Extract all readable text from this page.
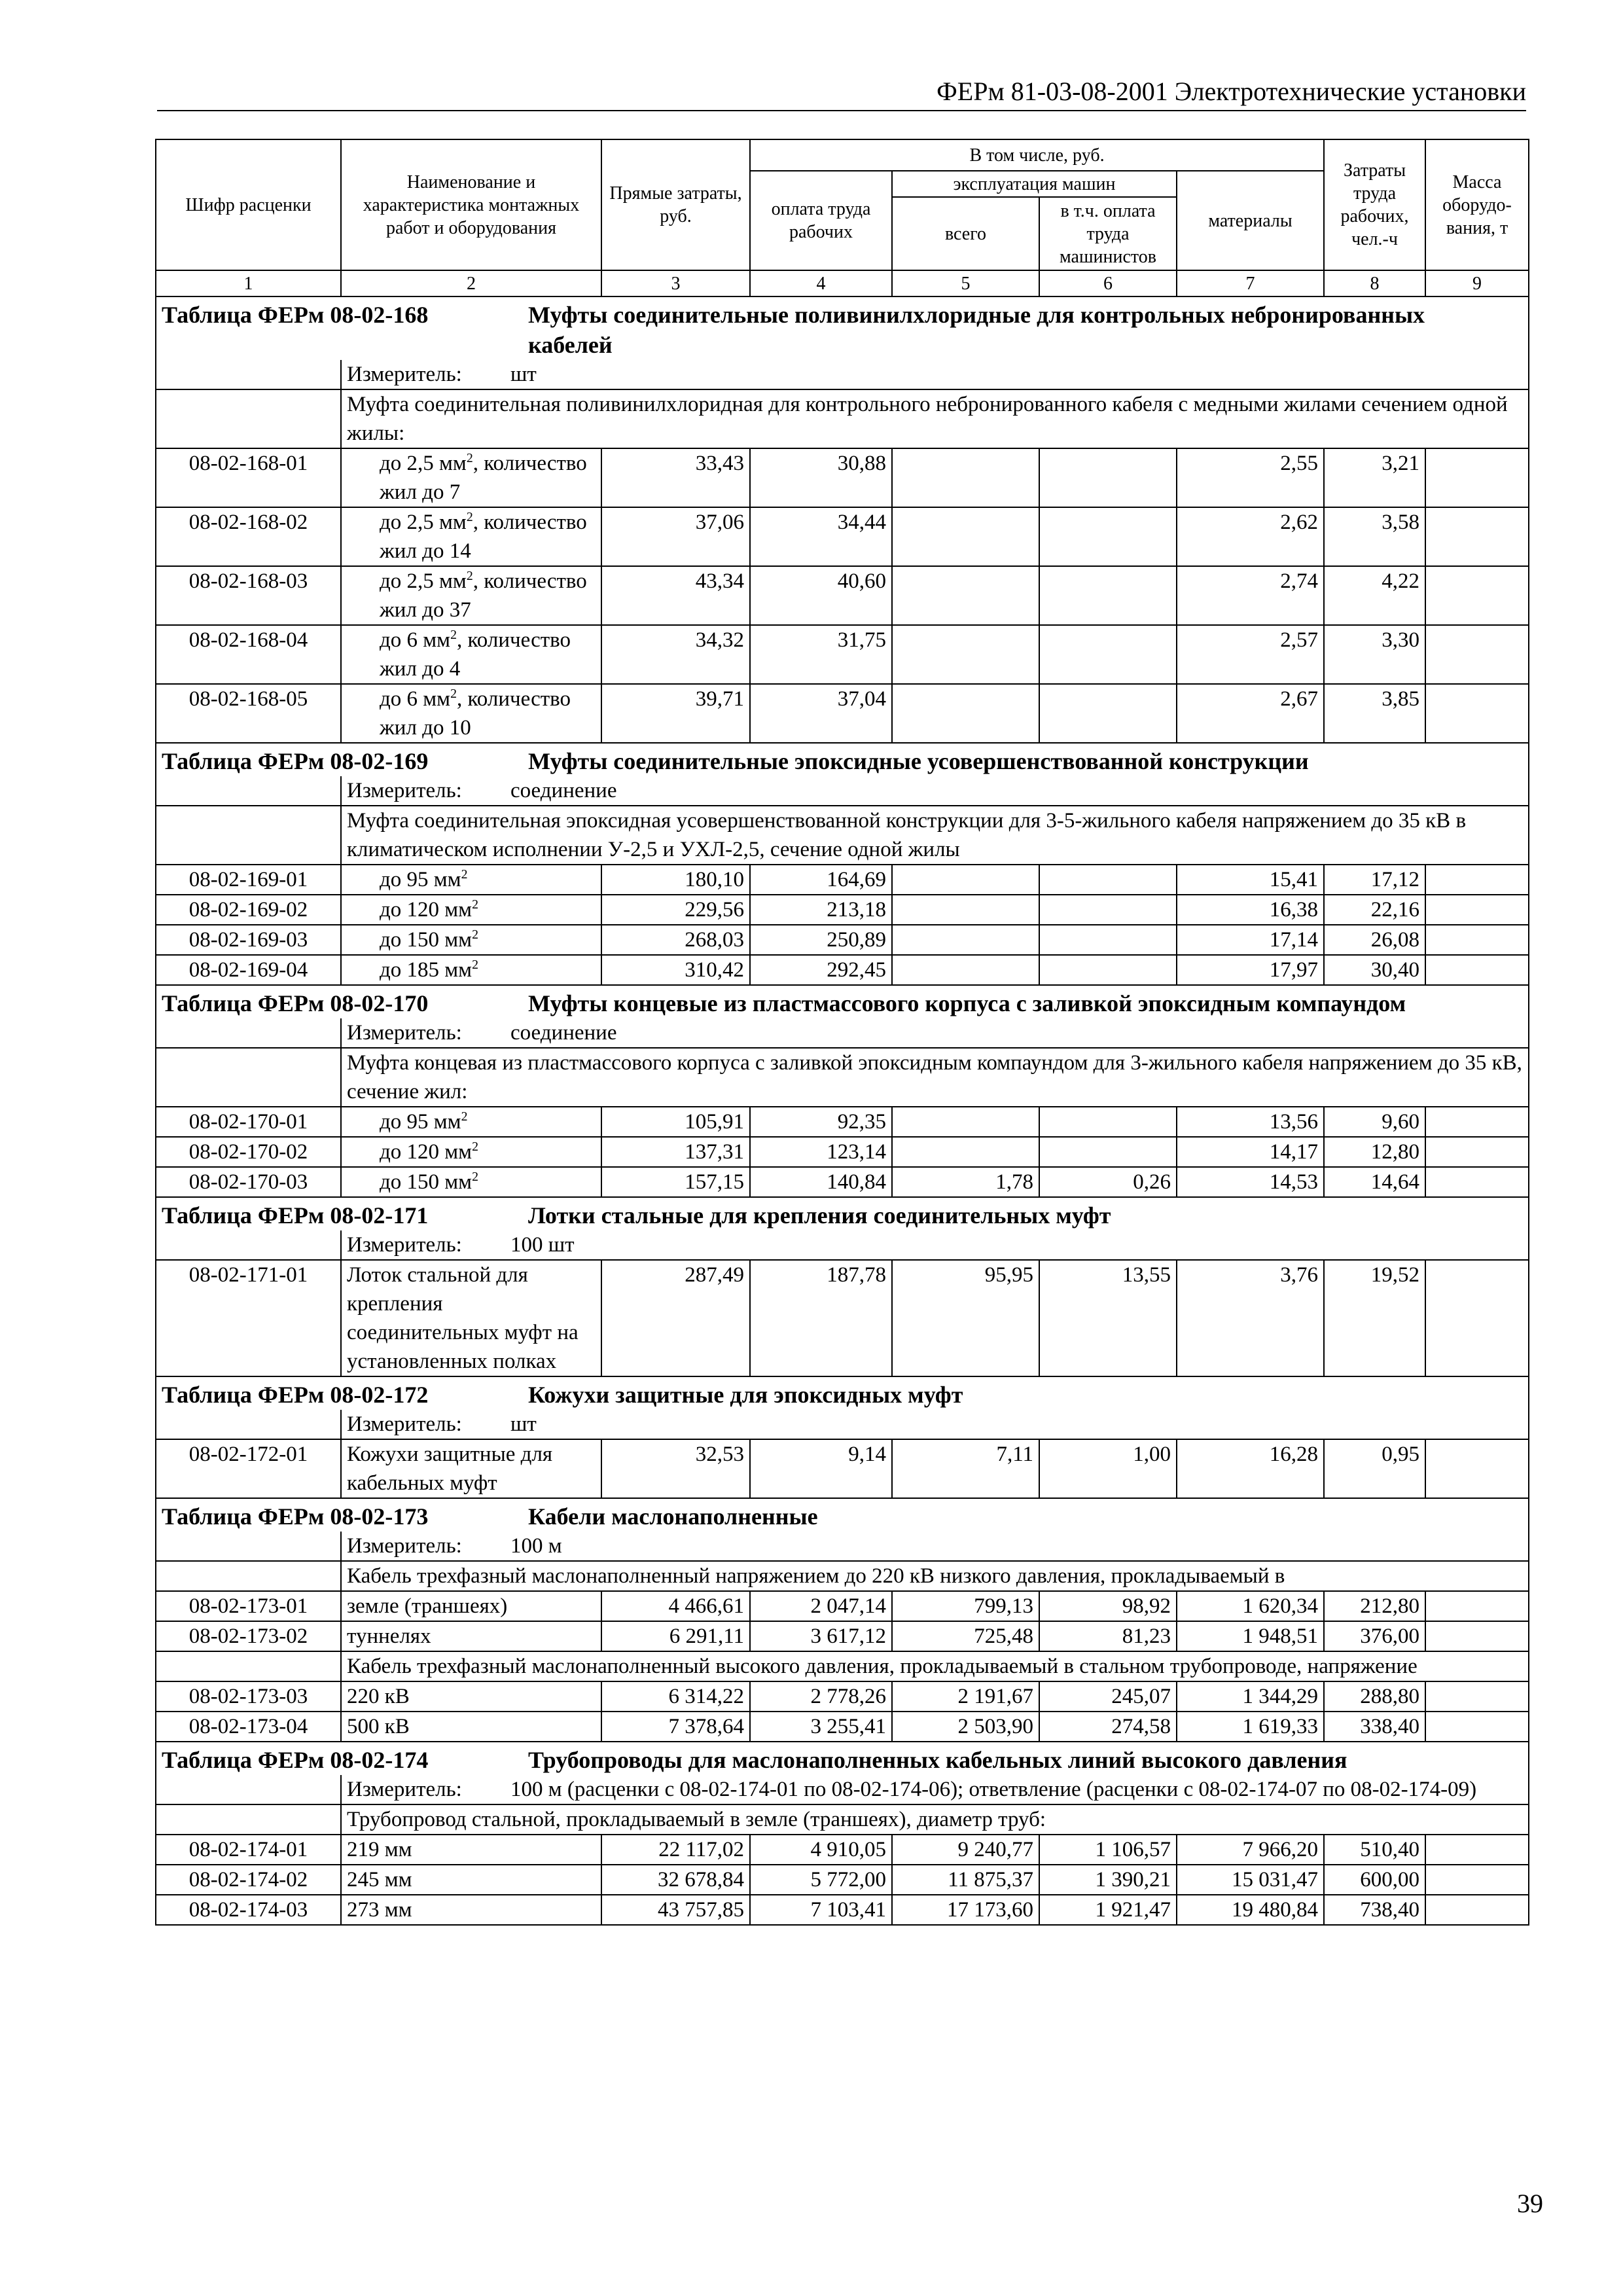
ФЕРм 81-03-08-2001 Электротехнические установки
Шифр расценки	Наименование и характеристика монтажных работ и оборудования	Прямые затраты, руб.	В том числе, руб.				Затраты труда рабочих, чел.-ч	Масса оборудо-вания, т
			оплата труда рабочих	эксплуатация машин		материалы		
				всего	в т.ч. оплата труда машинистов			
1	2	3	4	5	6	7	8	9
Таблица ФЕРм 08-02-168 Муфты соединительные поливинилхлоридные для контрольных небронированных кабелей								
	Измеритель: шт							
	Муфта соединительная поливинилхлоридная для контрольного небронированного кабеля с медными жилами сечением одной жилы:							
08-02-168-01	до 2,5 $мм^2$, количество жил до 7	33,43	30,88			2,55	3,21	
08-02-168-02	до 2,5 $мм^2$, количество жил до 14	37,06	34,44			2,62	3,58	
08-02-168-03	до 2,5 $мм^2$, количество жил до 37	43,34	40,60			2,74	4,22	
08-02-168-04	до 6 $мм^2$, количество жил до 4	34,32	31,75			2,57	3,30	
08-02-168-05	до 6 $мм^2$, количество жил до 10	39,71	37,04			2,67	3,85	
Таблица ФЕРм 08-02-169 Муфты соединительные эпоксидные усовершенствованной конструкции								
	Измеритель: соединение							
	Муфта соединительная эпоксидная усовершенствованной конструкции для 3-5-жильного кабеля напряжением до 35 кВ в климатическом исполнении У-2,5 и УХЛ-2,5, сечение одной жилы							
08-02-169-01	до 95 $мм^2$	180,10	164,69			15,41	17,12	
08-02-169-02	до 120 $мм^2$	229,56	213,18			16,38	22,16	
08-02-169-03	до 150 $мм^2$	268,03	250,89			17,14	26,08	
08-02-169-04	до 185 $мм^2$	310,42	292,45			17,97	30,40	
Таблица ФЕРм 08-02-170 Муфты концевые из пластмассового корпуса с заливкой эпоксидным компаундом								
	Измеритель: соединение							
	Муфта концевая из пластмассового корпуса с заливкой эпоксидным компаундом для 3-жильного кабеля напряжением до 35 кВ, сечение жил:							
08-02-170-01	до 95 $мм^2$	105,91	92,35			13,56	9,60	
08-02-170-02	до 120 $мм^2$	137,31	123,14			14,17	12,80	
08-02-170-03	до 150 $мм^2$	157,15	140,84	1,78	0,26	14,53	14,64	
Таблица ФЕРм 08-02-171 Лотки стальные для крепления соединительных муфт								
	Измеритель: 100 шт							
08-02-171-01	Лоток стальной для крепления соединительных муфт на установленных полках	287,49	187,78	95,95	13,55	3,76	19,52	
Таблица ФЕРм 08-02-172 Кожухи защитные для эпоксидных муфт								
	Измеритель: шт							
08-02-172-01	Кожухи защитные для кабельных муфт	32,53	9,14	7,11	1,00	16,28	0,95	
Таблица ФЕРм 08-02-173 Кабели маслонаполненные								
	Измеритель: 100 м							
	Кабель трехфазный маслонаполненный напряжением до 220 кВ низкого давления, прокладываемый в							
08-02-173-01	земле (траншеях)	4 466,61	2 047,14	799,13	98,92	1 620,34	212,80	
08-02-173-02	туннелях	6 291,11	3 617,12	725,48	81,23	1 948,51	376,00	
	Кабель трехфазный маслонаполненный высокого давления, прокладываемый в стальном трубопроводе, напряжение							
08-02-173-03	220 кВ	6 314,22	2 778,26	2 191,67	245,07	1 344,29	288,80	
08-02-173-04	500 кВ	7 378,64	3 255,41	2 503,90	274,58	1 619,33	338,40	
Таблица ФЕРм 08-02-174 Трубопроводы для маслонаполненных кабельных линий высокого давления								
	Измеритель: 100 м (расценки с 08-02-174-01 по 08-02-174-06); ответвление (расценки с 08-02-174-07 по 08-02-174-09)							
	Трубопровод стальной, прокладываемый в земле (траншеях), диаметр труб:							
08-02-174-01	219 мм	22 117,02	4 910,05	9 240,77	1 106,57	7 966,20	510,40	
08-02-174-02	245 мм	32 678,84	5 772,00	11 875,37	1 390,21	15 031,47	600,00	
08-02-174-03	273 мм	43 757,85	7 103,41	17 173,60	1 921,47	19 480,84	738,40	
39
